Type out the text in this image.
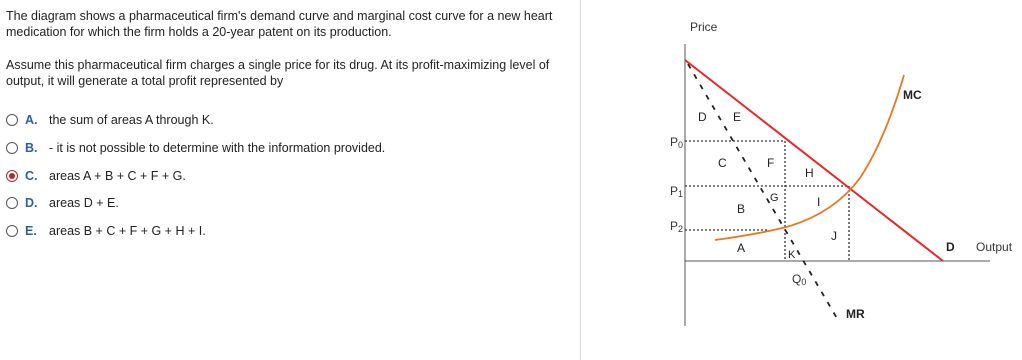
The diagram shows a pharmaceutical firm's demand curve and marginal cost curve for a new heart medication for which the firm holds a 20-year patent on its production.
Assume this pharmaceutical firm charges a single price for its drug. At its profit-maximizing level of output, it will generate a total profit represented by
A. the sum of areas A through K.
B. - it is not possible to determine with the information provided.
C. areas A + B + C + F + G.
D. areas D + E.
E. areas B + C + F + G + H + I.
Price
Output
P0
P1
P2
Q0
MC
MR
D
D E
C	F
H
G
B	I
J
A	K
